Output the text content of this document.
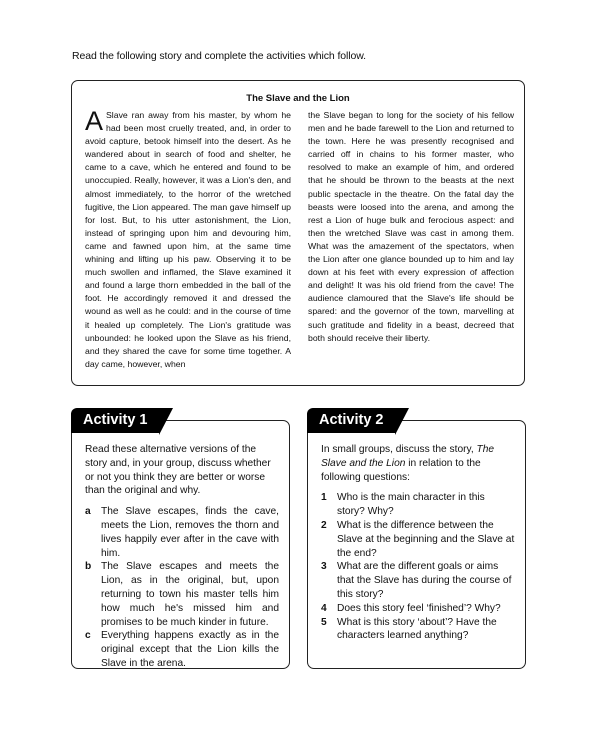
Read the following story and complete the activities which follow.
The Slave and the Lion

A Slave ran away from his master, by whom he had been most cruelly treated, and, in order to avoid capture, betook himself into the desert. As he wandered about in search of food and shelter, he came to a cave, which he entered and found to be unoccupied. Really, however, it was a Lion's den, and almost immediately, to the horror of the wretched fugitive, the Lion appeared. The man gave himself up for lost. But, to his utter astonishment, the Lion, instead of springing upon him and devouring him, came and fawned upon him, at the same time whining and lifting up his paw. Observing it to be much swollen and inflamed, the Slave examined it and found a large thorn embedded in the ball of the foot. He accordingly removed it and dressed the wound as well as he could: and in the course of time it healed up completely. The Lion's gratitude was unbounded: he looked upon the Slave as his friend, and they shared the cave for some time together. A day came, however, when

the Slave began to long for the society of his fellow men and he bade farewell to the Lion and returned to the town. Here he was presently recognised and carried off in chains to his former master, who resolved to make an example of him, and ordered that he should be thrown to the beasts at the next public spectacle in the theatre. On the fatal day the beasts were loosed into the arena, and among the rest a Lion of huge bulk and ferocious aspect: and then the wretched Slave was cast in among them. What was the amazement of the spectators, when the Lion after one glance bounded up to him and lay down at his feet with every expression of affection and delight! It was his old friend from the cave! The audience clamoured that the Slave's life should be spared: and the governor of the town, marvelling at such gratitude and fidelity in a beast, decreed that both should receive their liberty.

Activity 1

Read these alternative versions of the story and, in your group, discuss whether or not you think they are better or worse than the original and why.

a The Slave escapes, finds the cave, meets the Lion, removes the thorn and lives happily ever after in the cave with him.
b The Slave escapes and meets the Lion, as in the original, but, upon returning to town his master tells him how much he's missed him and promises to be much kinder in future.
c Everything happens exactly as in the original except that the Lion kills the Slave in the arena.
Activity 2

In small groups, discuss the story, The Slave and the Lion in relation to the following questions:

1 Who is the main character in this story? Why?
2 What is the difference between the Slave at the beginning and the Slave at the end?
3 What are the different goals or aims that the Slave has during the course of this story?
4 Does this story feel ‘finished’? Why?
5 What is this story ‘about’? Have the characters learned anything?
